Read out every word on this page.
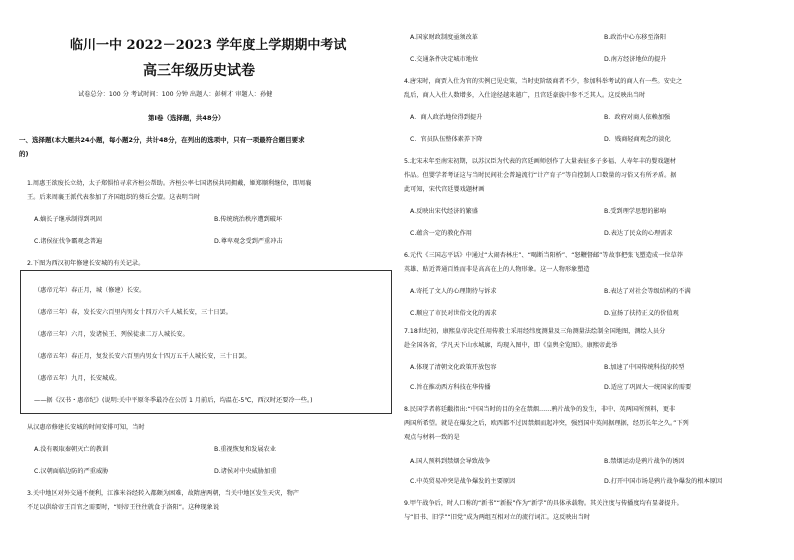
临川一中 2022－2023 学年度上学期期中考试
高三年级历史试卷
试卷总分：100 分 考试时间：100 分钟 出题人：彭树才 审题人：孙健
第Ⅰ卷（选择题，共48分）
一、选择题(本大题共24小题，每小题2分，共计48分，在列出的选项中，只有一项最符合题目要求
的)
1.周惠王欲废长立幼，太子郑惧怕寻求齐桓公帮助。齐桓公率七国诸侯共同拥戴，姬郑顺利继位，即周襄
王。后来周襄王派代表参加了齐国组织的葵丘会盟。这表明当时
A.嫡长子继承制得到巩固	B.传统统治秩序遭到破坏
C.诸侯征伐争霸观念普遍	D.尊卑观念受到严重冲击
2.下图为西汉初年修建长安城的有关记录。
（惠帝元年）春正月，城（修建）长安。
（惠帝三年）春，发长安六百里内男女十四万六千人城长安，三十日罢。
（惠帝三年）六月，发诸侯王、列侯徒隶二万人城长安。
（惠帝五年）春正月，复发长安六百里内男女十四万五千人城长安，三十日罢。
（惠帝五年）九月，长安城成。
——据《汉书・惠帝纪》(说明:关中平原冬季最冷在公历 1 月前后，均温在-5℃，西汉时还要冷一些。)
从汉惠帝修建长安城的时间安排可知，当时
A.没有吸取秦朝灭亡的教训	B.重视恢复和发展农业
C.汉朝面临边防的严重威胁	D.诸侯对中央威胁加重
3.关中地区对外交通不便利，江淮米谷经转入都颇为困难，故隋唐两朝，当关中地区发生天灾，物产
不足以供给帝王百官之需要时，“则帝王往往就食于洛阳”。这种现象说
A.国家财政制度亟须改革	B.政治中心东移至洛阳
C.交通条件决定城市地位	D.南方经济地位的提升
4.唐宋时，商贾入仕为官的实例已见史策，当时吏阶级商者不少，参加科举考试的商人有一些。安史之
乱后，商人入仕人数增多，入仕途径越来越广，且宫廷豪族中参不乏其人。这反映出当时
A．商人政治地位得到提升	B．政府对商人依赖加强
C．官员队伍整体素养下降	D．贱商轻商观念的淡化
5.北宋末年至南宋初期，以苏汉臣为代表的宫廷画师创作了大量表征多子多福、人寿年丰的婴戏题材
作品。但婴学者考证这与当时民间社会普遍流行“计产育子”等自控制人口数量的习俗又有所矛盾。据
此可知，宋代宫廷婴戏题材画
A.反映出宋代经济的繁盛	B.受到理学思想的影响
C.蕴含一定的教化作用	D.表达了民众的心理需求
6.元代《三国志平话》中通过“大闹杏林庄”、“喝断当阳桥”、“怒鞭督邮”等故事把张飞塑造成一位草莽
英雄、贴近普通百姓而非是高高在上的人物形象。这一人物形象塑造
A.寄托了文人的心理期待与诉求	B.表达了对社会等级结构的不满
C.顺应了市民对世俗文化的需求	D.宣扬了扶持正义的价值观
7.18世纪初，康熙皇帝决定任用传教士采用经纬度测量及三角测量法绘制全国地图，测绘人员分
赴全国各省，学凡天下山水城廓，均现入图中，即《皇舆全览图》。康熙帝此举
A.体现了清朝文化政策开放包容	B.加速了中国传统科技的转型
C.旨在推动西方科技在华传播	D.适应了巩固大一统国家的需要
8.民国学者蒋廷黻指出:“中国当时的目的全在禁烟……鸦片战争的发生，非中、英两国所预料，更非
两国所希望。就是在爆发之后，欧西都不过因禁烟而起冲突，强烈国中英间据理据，经历长年之久。”下列
观点与材料一致的是
A.国人预料到禁烟会导致战争	B.禁烟运动是鸦片战争的诱因
C.中英贸易冲突是战争爆发的主要原因	D.打开中国市场是鸦片战争爆发的根本原因
9.甲午战争后，时人口称的“新书”“新报”作为“新学”的具体承载物。其关注度与传播度均有显著提升。
与“旧书、旧学”“旧党”成为两组互相对立的流行词汇。这反映出当时
